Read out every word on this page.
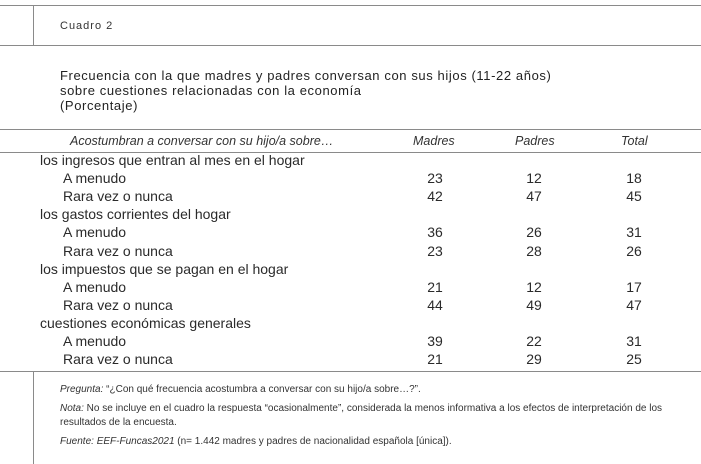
Cuadro 2
Frecuencia con la que madres y padres conversan con sus hijos (11-22 años)
sobre cuestiones relacionadas con la economía
(Porcentaje)
Acostumbran a conversar con su hijo/a sobre…	Madres	Padres	Total
los ingresos que entran al mes en el hogar
A menudo	23	12	18
Rara vez o nunca	42	47	45
los gastos corrientes del hogar
A menudo	36	26	31
Rara vez o nunca	23	28	26
los impuestos que se pagan en el hogar
A menudo	21	12	17
Rara vez o nunca	44	49	47
cuestiones económicas generales
A menudo	39	22	31
Rara vez o nunca	21	29	25

Pregunta: “¿Con qué frecuencia acostumbra a conversar con su hijo/a sobre…?”.

Nota: No se incluye en el cuadro la respuesta “ocasionalmente”, considerada la menos informativa a los efectos de interpretación de los resultados de la encuesta.

Fuente: EEF-Funcas2021 (n= 1.442 madres y padres de nacionalidad española [única]).
